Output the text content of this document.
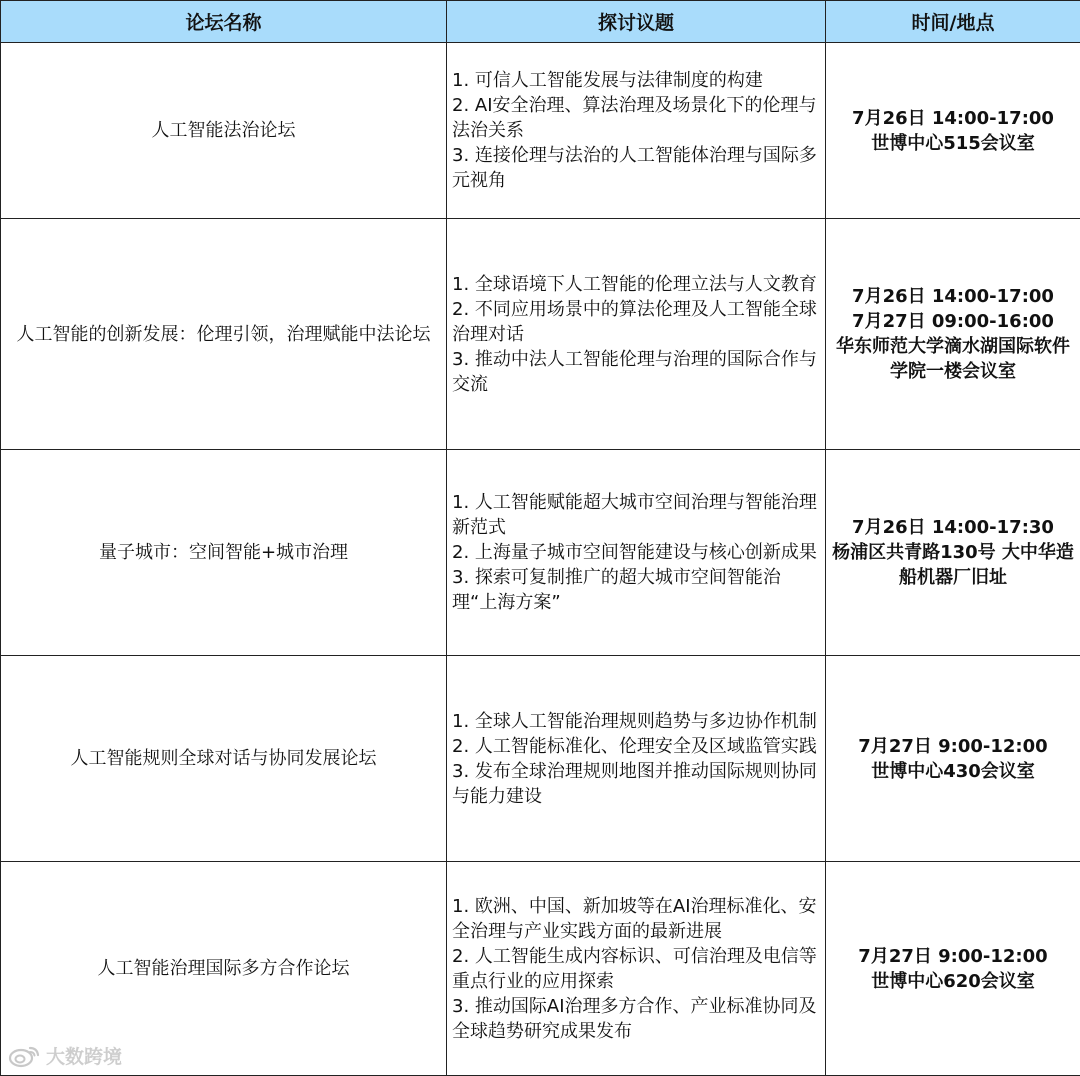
论坛名称	探讨议题	时间/地点
人工智能法治论坛	1. 可信人工智能发展与法律制度的构建
2. AI安全治理、算法治理及场景化下的伦理与法治关系
3. 连接伦理与法治的人工智能体治理与国际多元视角	7月26日 14:00-17:00
世博中心515会议室

人工智能的创新发展：伦理引领，治理赋能中法论坛	1. 全球语境下人工智能的伦理立法与人文教育
2. 不同应用场景中的算法伦理及人工智能全球治理对话
3. 推动中法人工智能伦理与治理的国际合作与交流	7月26日 14:00-17:00
7月27日 09:00-16:00
华东师范大学滴水湖国际软件学院一楼会议室

量子城市：空间智能+城市治理	1. 人工智能赋能超大城市空间治理与智能治理新范式
2. 上海量子城市空间智能建设与核心创新成果
3. 探索可复制推广的超大城市空间智能治理“上海方案”	7月26日 14:00-17:30
杨浦区共青路130号 大中华造船机器厂旧址

人工智能规则全球对话与协同发展论坛	1. 全球人工智能治理规则趋势与多边协作机制
2. 人工智能标准化、伦理安全及区域监管实践
3. 发布全球治理规则地图并推动国际规则协同与能力建设	7月27日 9:00-12:00
世博中心430会议室

人工智能治理国际多方合作论坛	1. 欧洲、中国、新加坡等在AI治理标准化、安全治理与产业实践方面的最新进展
2. 人工智能生成内容标识、可信治理及电信等重点行业的应用探索
3. 推动国际AI治理多方合作、产业标准协同及全球趋势研究成果发布	7月27日 9:00-12:00
世博中心620会议室
大数跨境
